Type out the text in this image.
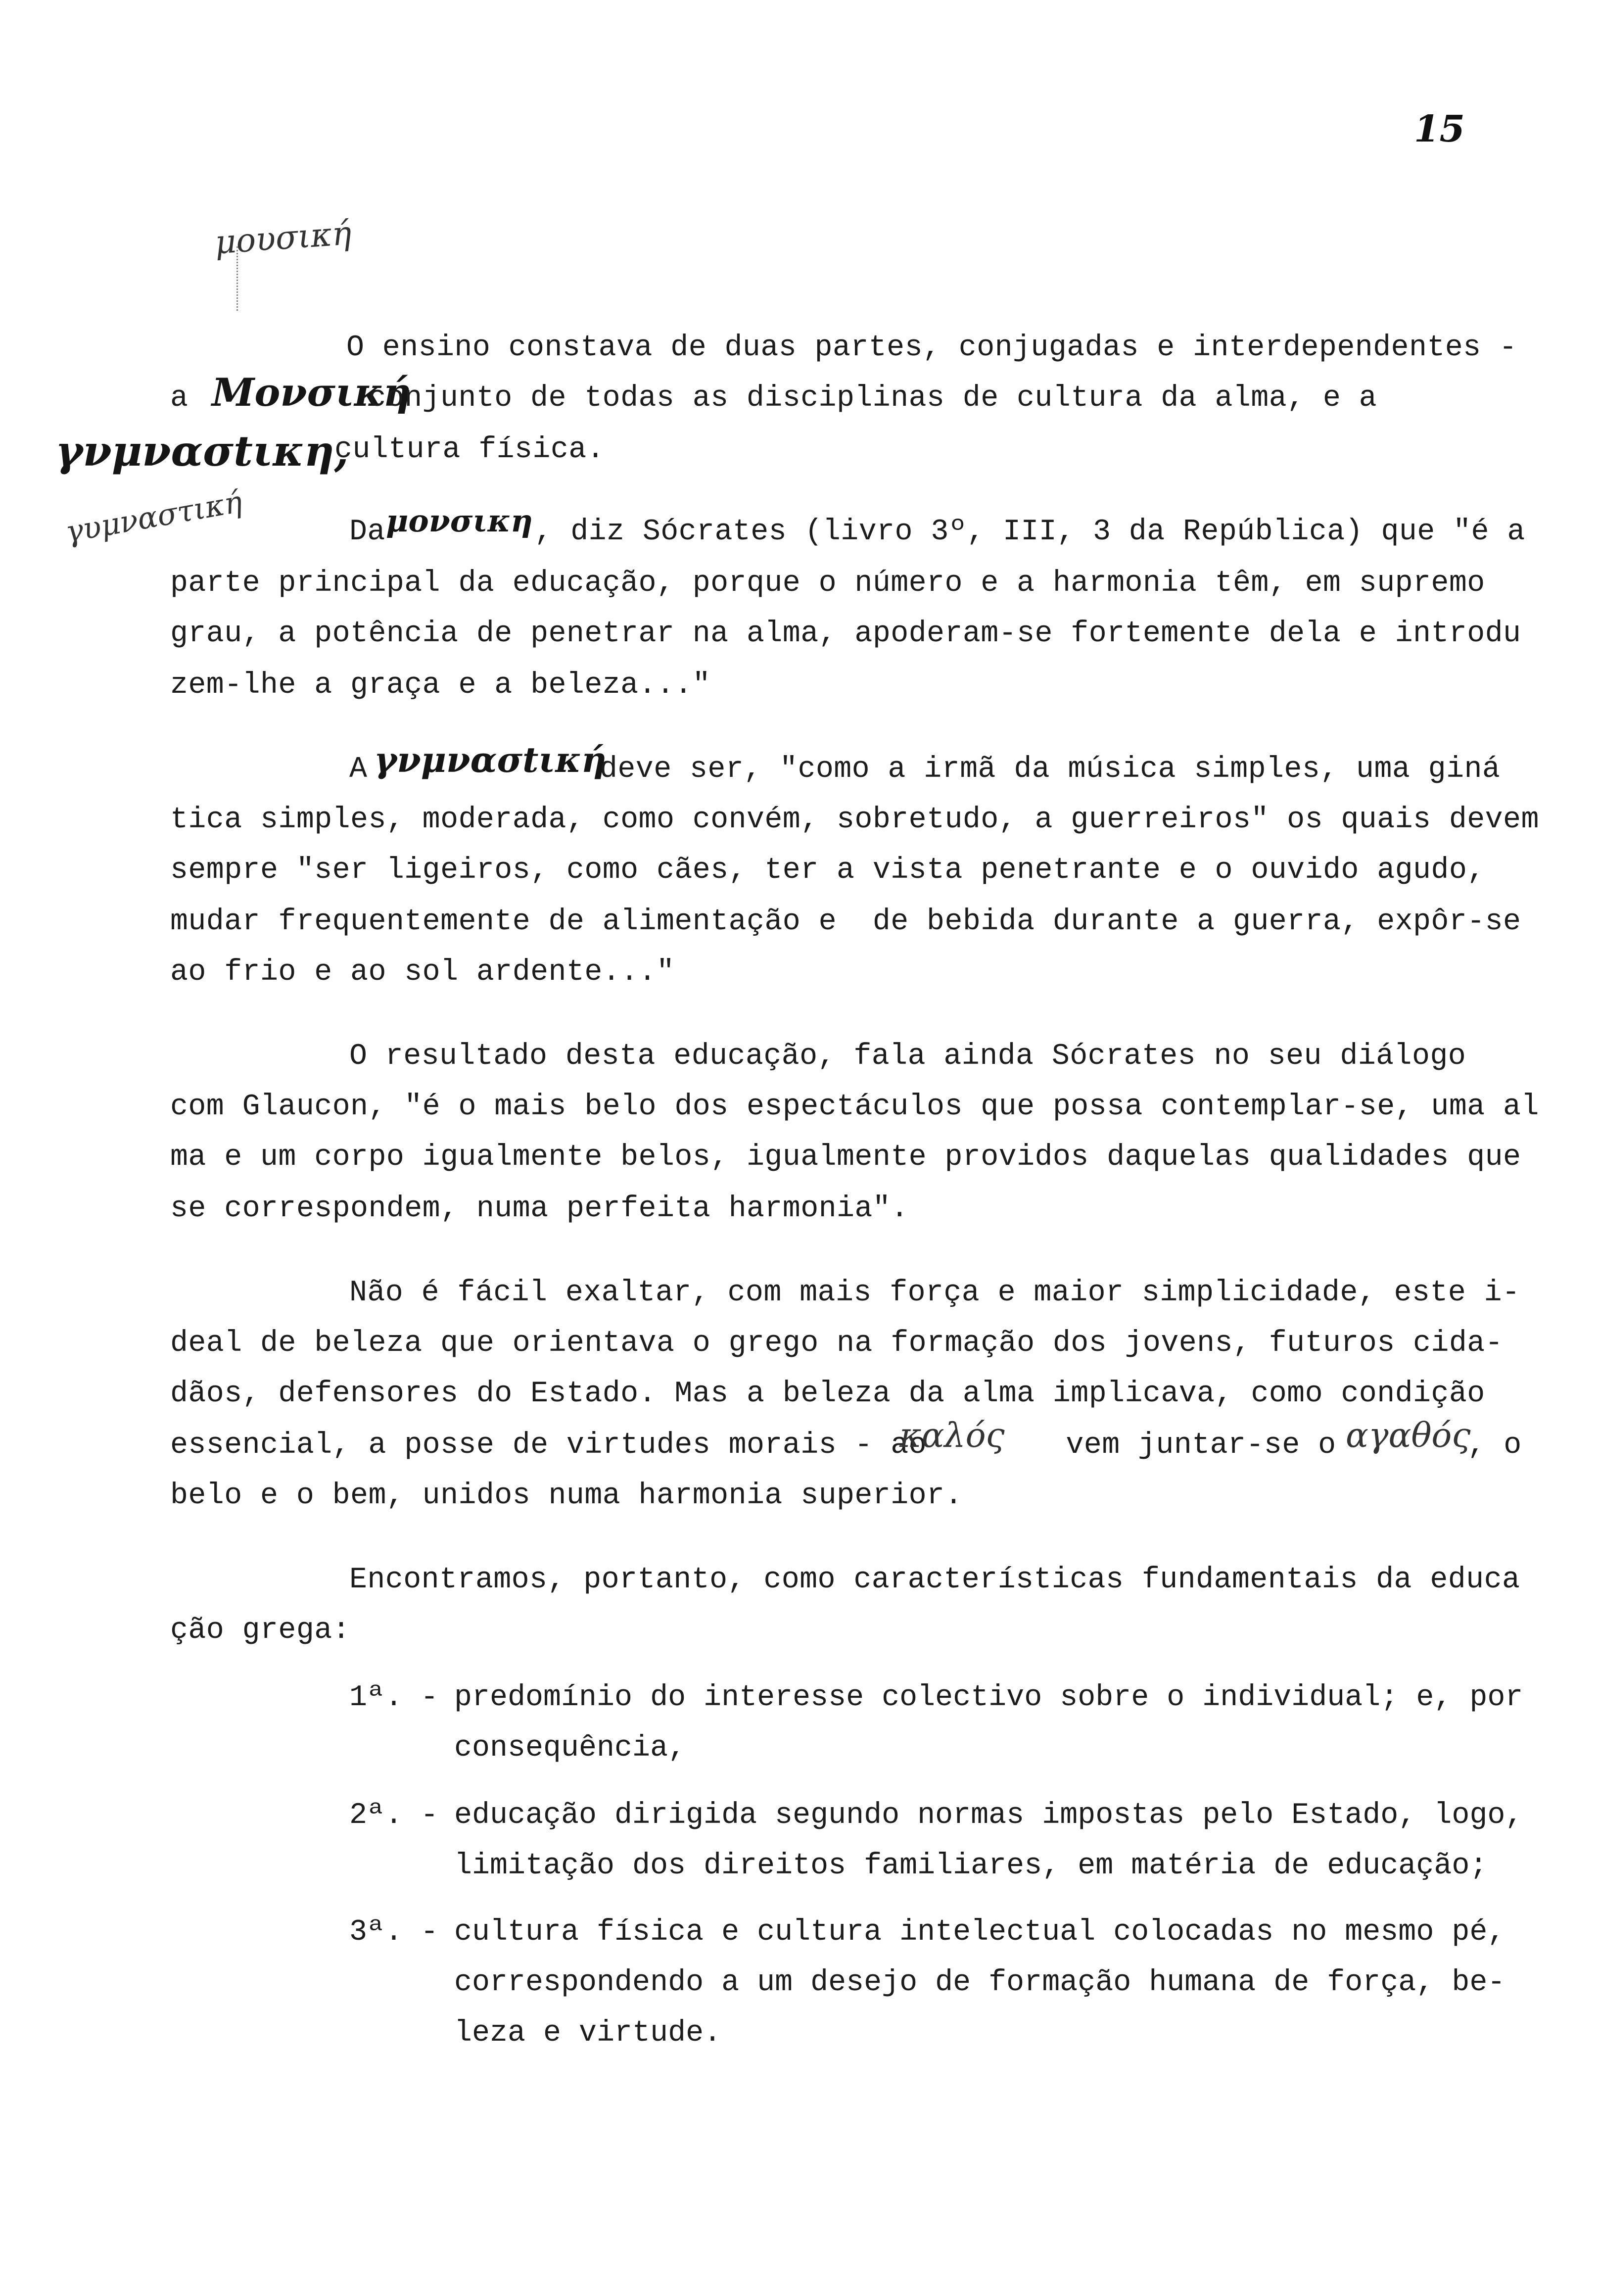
15
μουσική

O ensino constava de duas partes, conjugadas e interdependentes -

a Μονσική

conjunto de todas as disciplinas de cultura da alma, e a

γνμνασtικη,

cultura física.

γυμναστική	Da μονσικη

, diz Sócrates (livro 3º, III, 3 da República) que "é a

parte principal da educação, porque o número e a harmonia têm, em supremo

grau, a potência de penetrar na alma, apoderam-se fortemente dela e introdu

zem-lhe a graça e a beleza..."

A

γνμνασtική

deve ser, "como a irmã da música simples, uma giná

tica simples, moderada, como convém, sobretudo, a guerreiros" os quais devem

sempre "ser ligeiros, como cães, ter a vista penetrante e o ouvido agudo,

mudar frequentemente de alimentação e  de bebida durante a guerra, expôr-se

ao frio e ao sol ardente..."

O resultado desta educação, fala ainda Sócrates no seu diálogo

com Glaucon, "é o mais belo dos espectáculos que possa contemplar-se, uma al

ma e um corpo igualmente belos, igualmente providos daquelas qualidades que

se correspondem, numa perfeita harmonia".

Não é fácil exaltar, com mais força e maior simplicidade, este i-

deal de beleza que orientava o grego na formação dos jovens, futuros cida-

dãos, defensores do Estado. Mas a beleza da alma implicava, como condição

essencial, a posse de virtudes morais - ao

καλός vem juntar-se o αγαθός

, o

belo e o bem, unidos numa harmonia superior.

Encontramos, portanto, como características fundamentais da educa

ção grega:

1ª. - predomínio do interesse colectivo sobre o individual; e, por
consequência,
2ª. - educação dirigida segundo normas impostas pelo Estado, logo,
limitação dos direitos familiares, em matéria de educação;
3ª. - cultura física e cultura intelectual colocadas no mesmo pé,
correspondendo a um desejo de formação humana de força, be-
leza e virtude.
